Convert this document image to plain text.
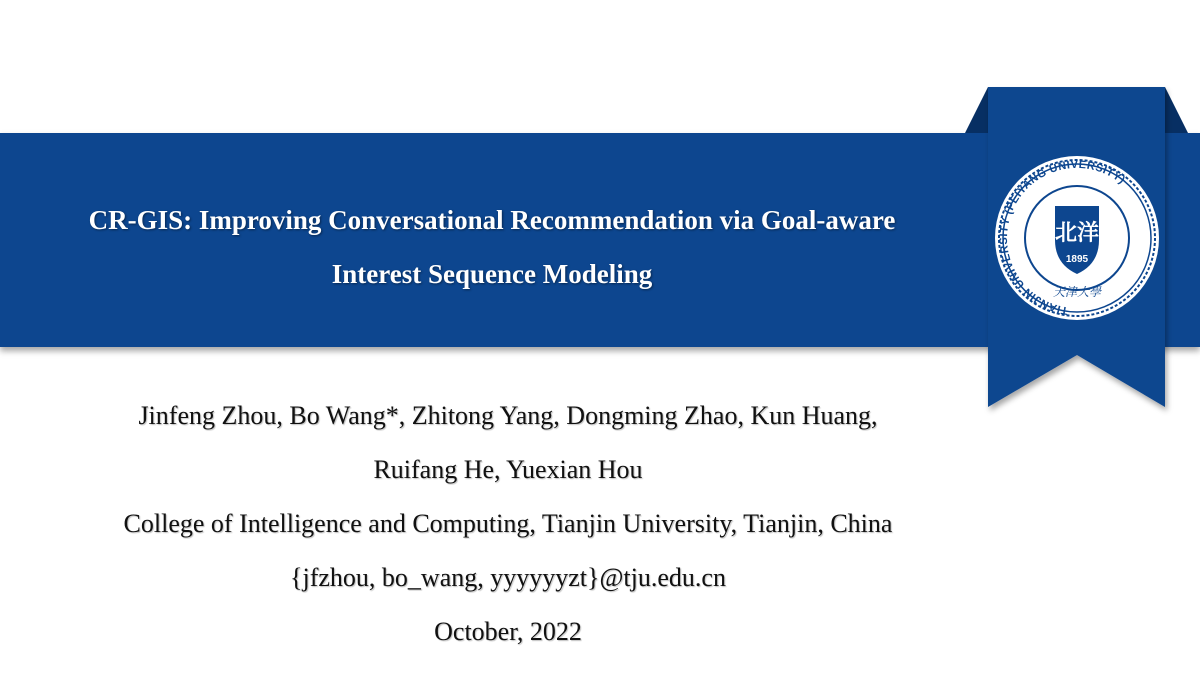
CR-GIS: Improving Conversational Recommendation via Goal-aware
Interest Sequence Modeling
TIANJIN UNIVERSITY (PEIYANG UNIVERSITY)
北洋
1895
天津大學
Jinfeng Zhou, Bo Wang*, Zhitong Yang, Dongming Zhao, Kun Huang,
Ruifang He, Yuexian Hou
College of Intelligence and Computing, Tianjin University, Tianjin, China
{jfzhou, bo_wang, yyyyyyzt}@tju.edu.cn
October, 2022
